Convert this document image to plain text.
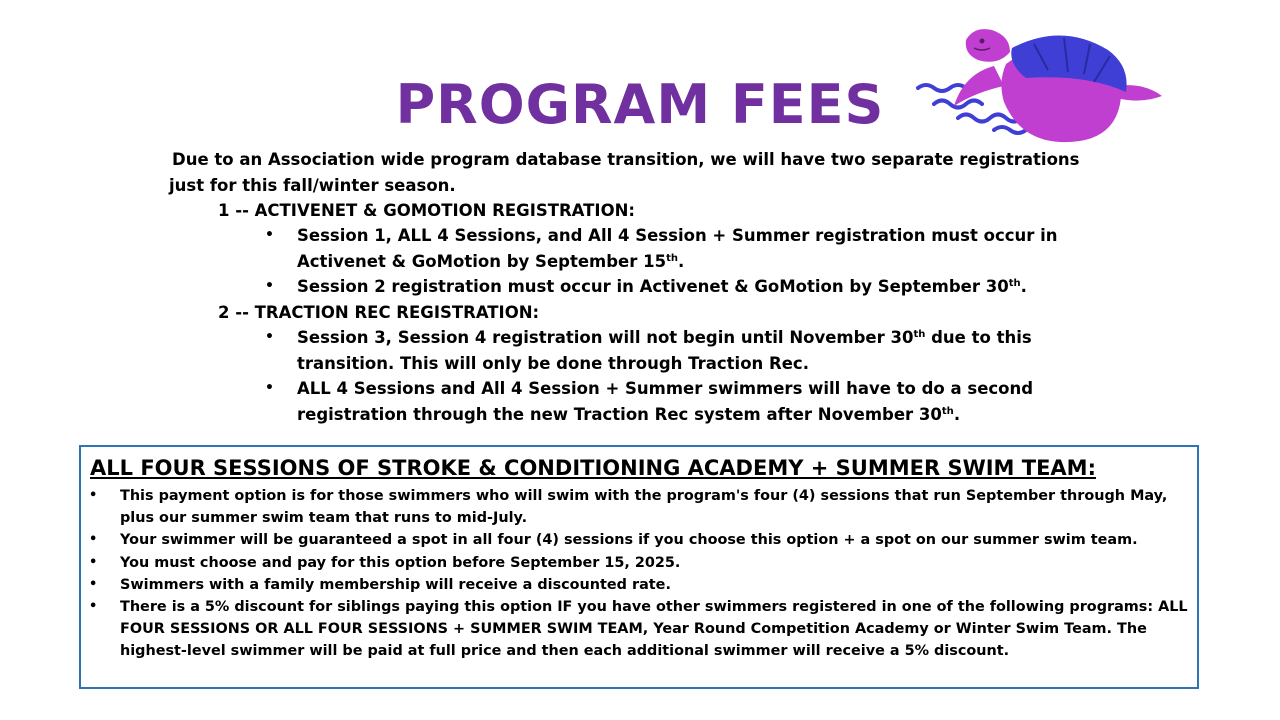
PROGRAM FEES
Due to an Association wide program database transition, we will have two separate registrations
just for this fall/winter season.
1 -- ACTIVENET & GOMOTION REGISTRATION:
• Session 1, ALL 4 Sessions, and All 4 Session + Summer registration must occur in
Activenet & GoMotion by September 15th.
• Session 2 registration must occur in Activenet & GoMotion by September 30th.
2 -- TRACTION REC REGISTRATION:
• Session 3, Session 4 registration will not begin until November 30th due to this
transition. This will only be done through Traction Rec.
• ALL 4 Sessions and All 4 Session + Summer swimmers will have to do a second
registration through the new Traction Rec system after November 30th.
ALL FOUR SESSIONS OF STROKE & CONDITIONING ACADEMY + SUMMER SWIM TEAM:
• This payment option is for those swimmers who will swim with the program's four (4) sessions that run September through May, plus our summer swim team that runs to mid-July.
• Your swimmer will be guaranteed a spot in all four (4) sessions if you choose this option + a spot on our summer swim team.
• You must choose and pay for this option before September 15, 2025.
• Swimmers with a family membership will receive a discounted rate.
• There is a 5% discount for siblings paying this option IF you have other swimmers registered in one of the following programs: ALL FOUR SESSIONS OR ALL FOUR SESSIONS + SUMMER SWIM TEAM, Year Round Competition Academy or Winter Swim Team. The highest-level swimmer will be paid at full price and then each additional swimmer will receive a 5% discount.
